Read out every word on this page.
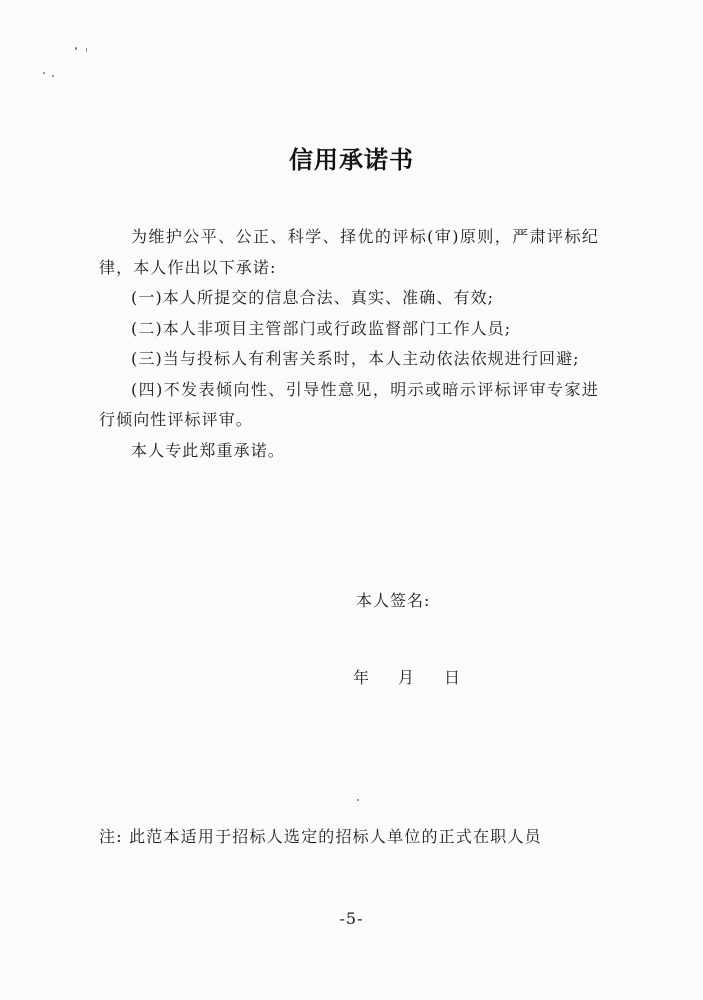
信用承诺书

为维护公平、公正、科学、择优的评标(审)原则，严肃评标纪律，本人作出以下承诺:

(一)本人所提交的信息合法、真实、准确、有效;

(二)本人非项目主管部门或行政监督部门工作人员;

(三)当与投标人有利害关系时，本人主动依法依规进行回避;

(四)不发表倾向性、引导性意见，明示或暗示评标评审专家进行倾向性评标评审。

本人专此郑重承诺。

本人签名:
年 月 日
注: 此范本适用于招标人选定的招标人单位的正式在职人员
-5-
